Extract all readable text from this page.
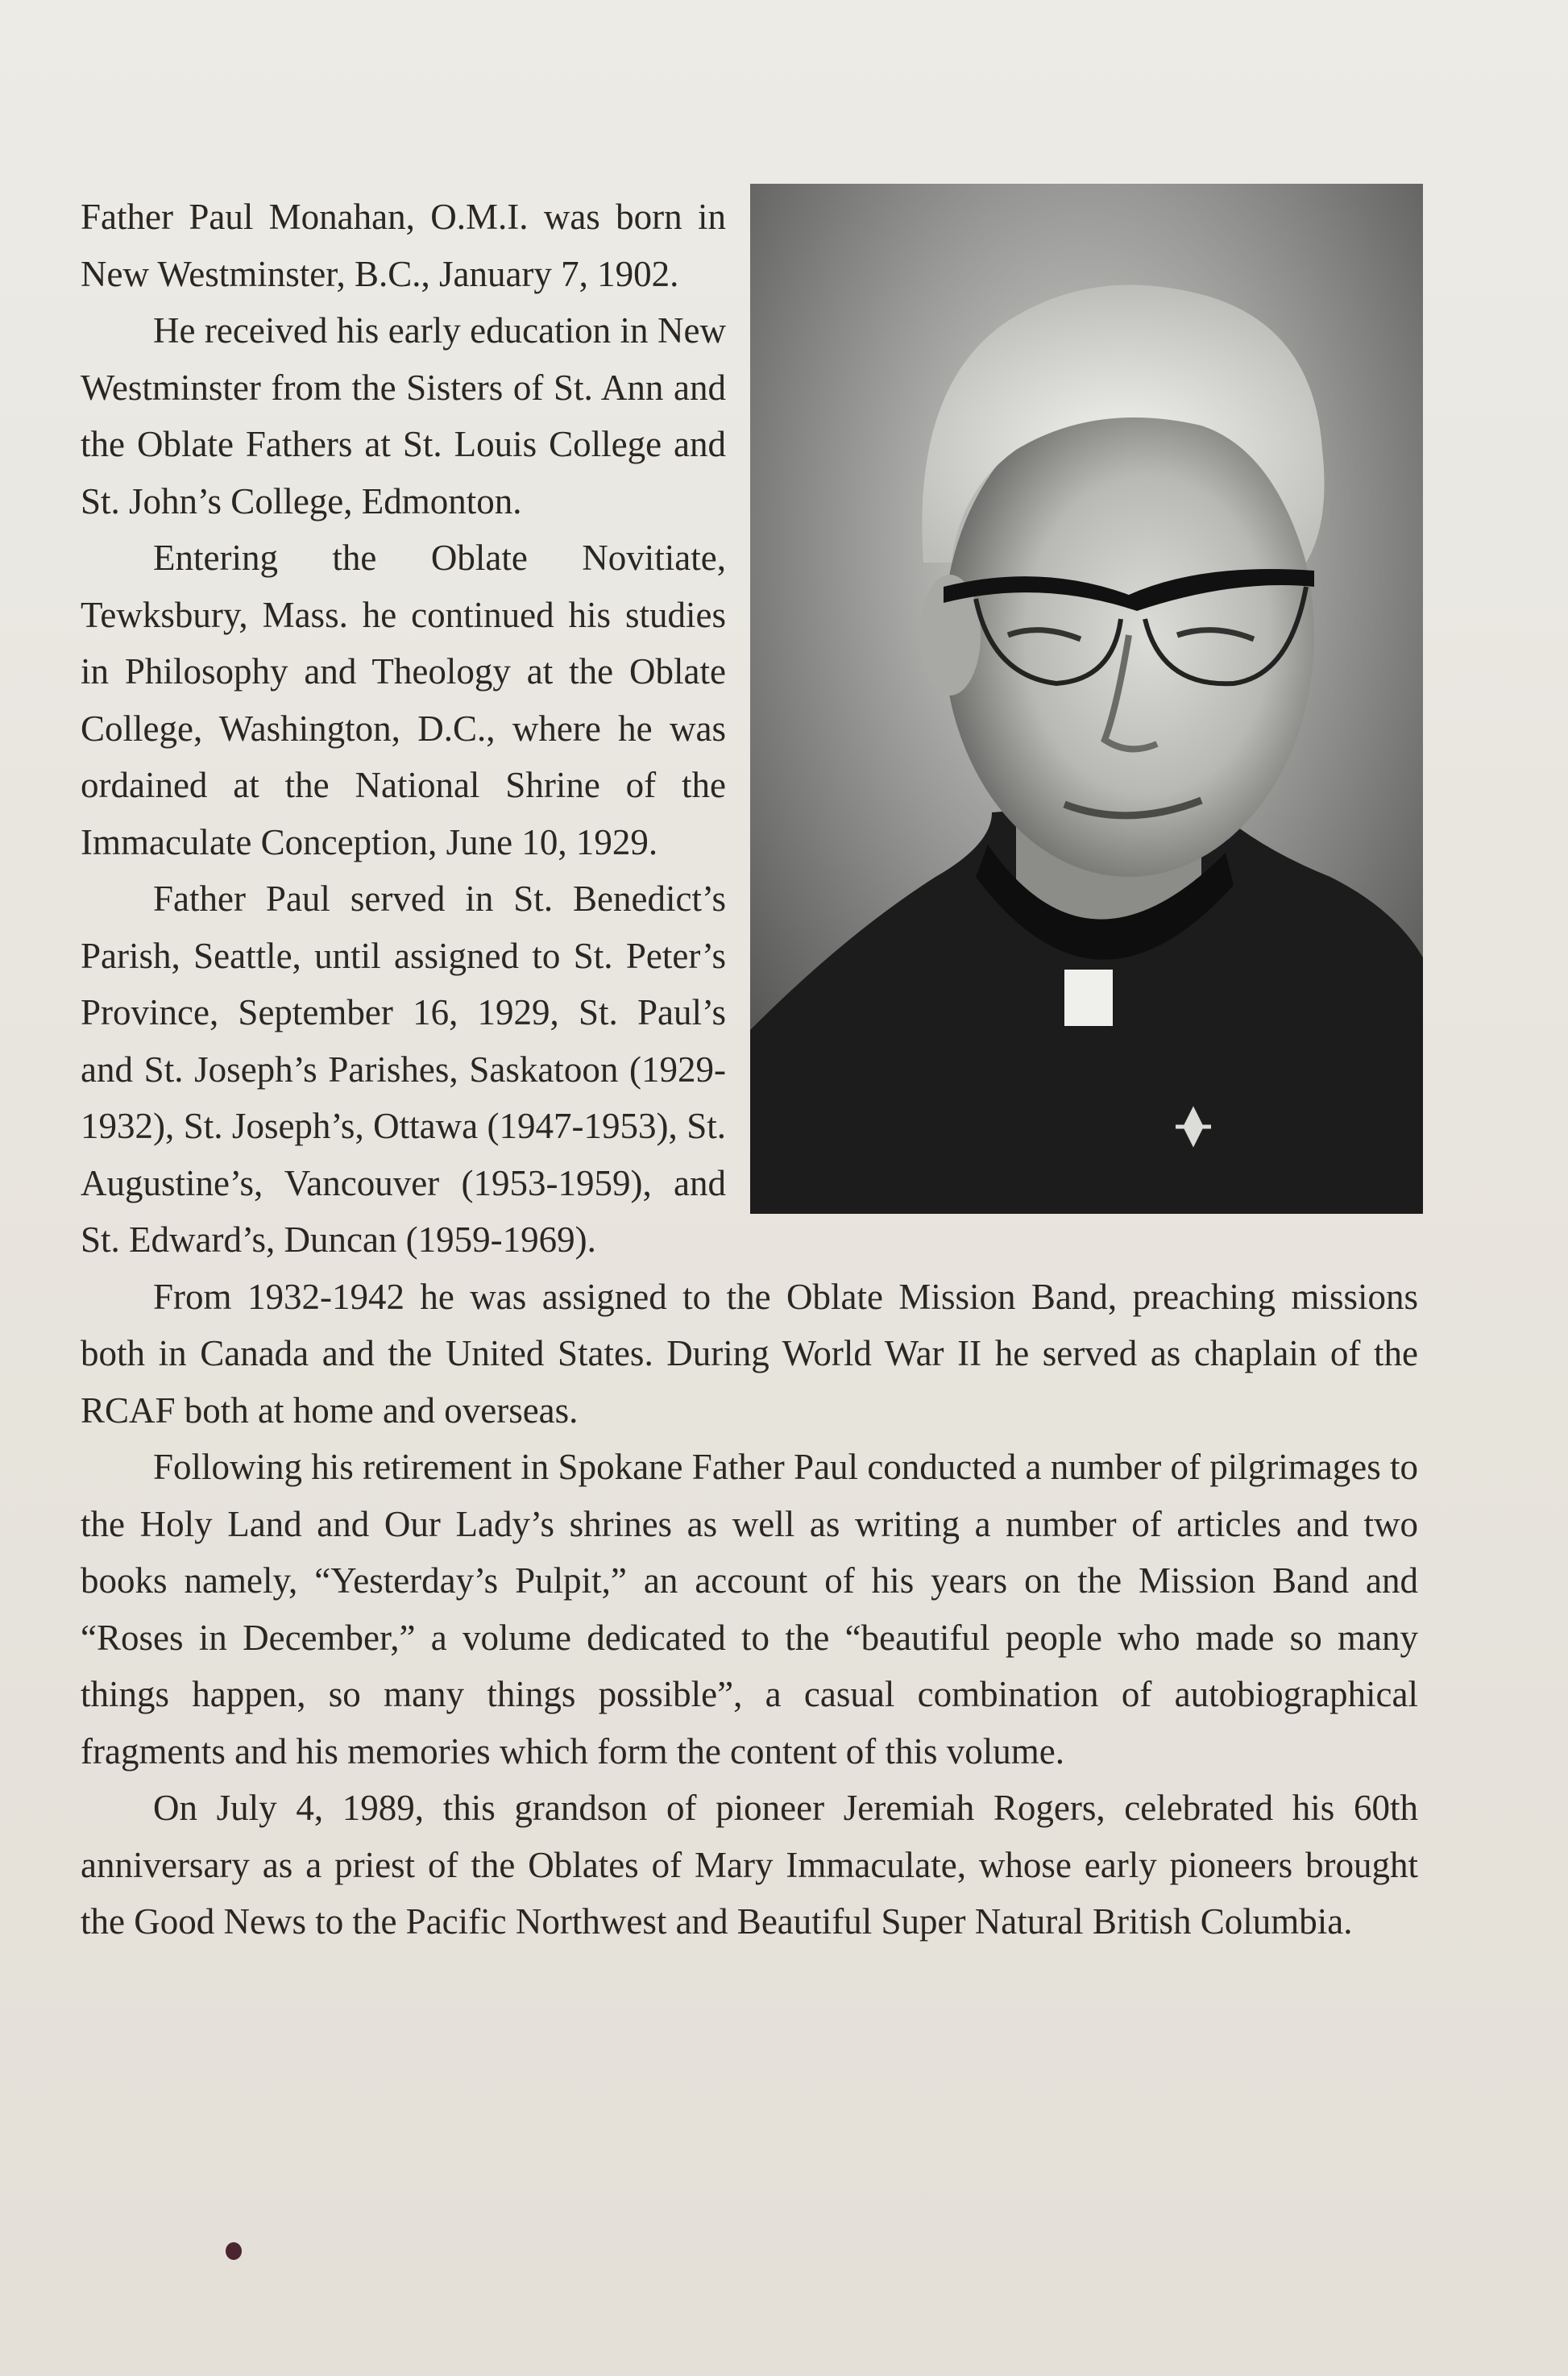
Father Paul Monahan, O.M.I. was born in New Westminster, B.C., January 7, 1902.

He received his early education in New Westminster from the Sisters of St. Ann and the Oblate Fathers at St. Louis College and St. John’s College, Edmonton.

Entering the Oblate Novitiate, Tewksbury, Mass. he continued his studies in Philosophy and Theology at the Oblate College, Washington, D.C., where he was ordained at the National Shrine of the Immaculate Conception, June 10, 1929.

Father Paul served in St. Benedict’s Parish, Seattle, until assigned to St. Peter’s Province, September 16, 1929, St. Paul’s and St. Joseph’s Parishes, Saskatoon (1929-1932), St. Joseph’s, Ottawa (1947-1953), St. Augustine’s, Vancouver (1953-1959), and St. Edward’s, Duncan (1959-1969).

From 1932-1942 he was assigned to the Oblate Mission Band, preaching missions both in Canada and the United States. During World War II he served as chaplain of the RCAF both at home and overseas.

Following his retirement in Spokane Father Paul conducted a number of pilgrimages to the Holy Land and Our Lady’s shrines as well as writing a number of articles and two books namely, “Yesterday’s Pulpit,” an account of his years on the Mission Band and “Roses in December,” a volume dedicated to the “beautiful people who made so many things happen, so many things possible”, a casual combination of autobiographical fragments and his memories which form the content of this volume.

On July 4, 1989, this grandson of pioneer Jeremiah Rogers, celebrated his 60th anniversary as a priest of the Oblates of Mary Immaculate, whose early pioneers brought the Good News to the Pacific Northwest and Beautiful Super Natural British Columbia.
